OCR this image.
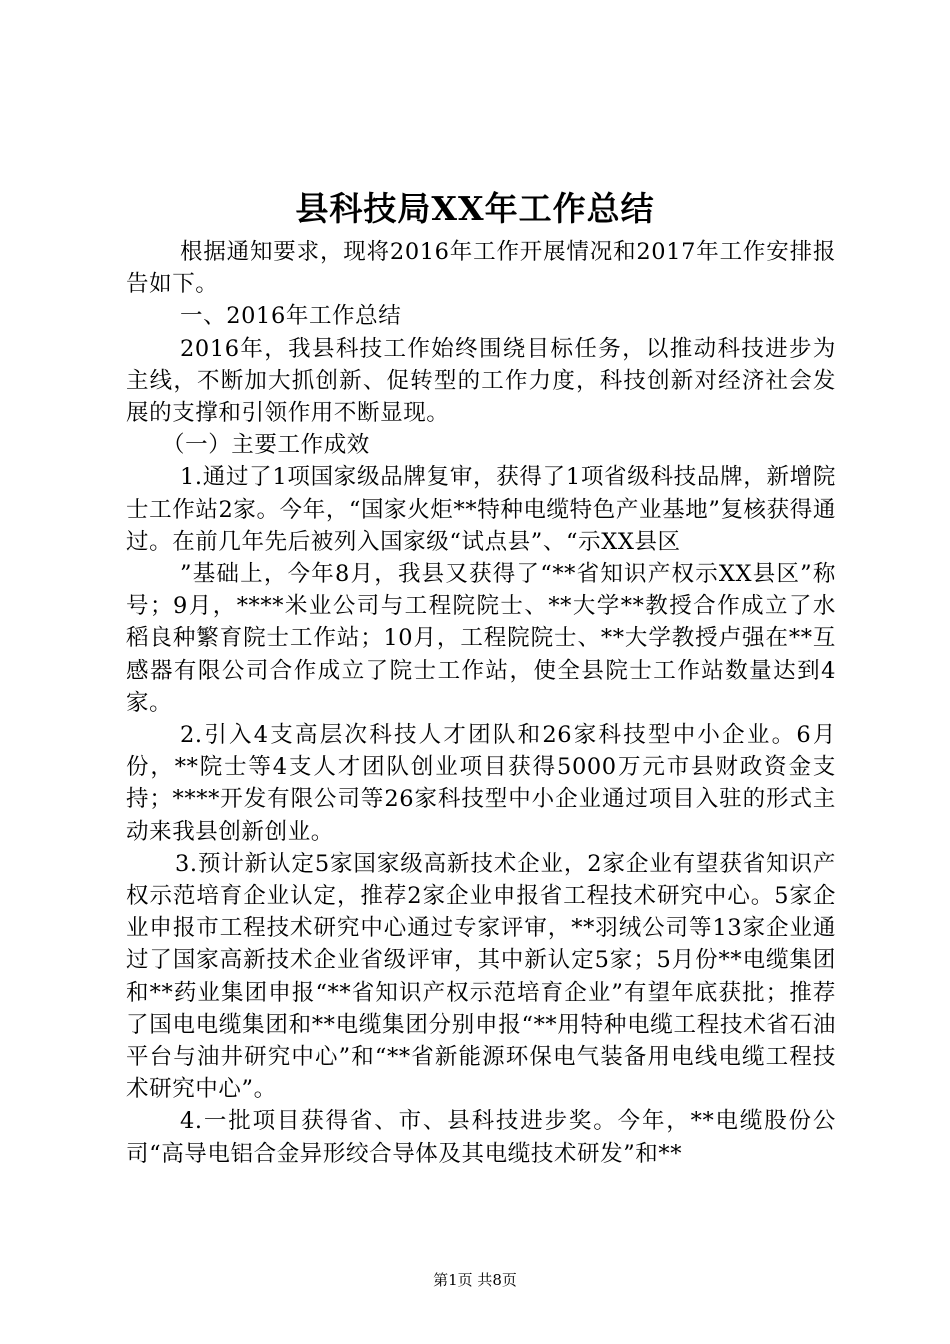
县科技局XX年工作总结

根据通知要求，现将2016年工作开展情况和2017年工作安排报告如下。

一、2016年工作总结

2016年，我县科技工作始终围绕目标任务，以推动科技进步为主线，不断加大抓创新、促转型的工作力度，科技创新对经济社会发展的支撑和引领作用不断显现。

（一）主要工作成效

1.通过了1项国家级品牌复审，获得了1项省级科技品牌，新增院士工作站2家。今年，“国家火炬**特种电缆特色产业基地”复核获得通过。在前几年先后被列入国家级“试点县”、“示XX县区

”基础上，今年8月，我县又获得了“**省知识产权示XX县区”称号；9月，****米业公司与工程院院士、**大学**教授合作成立了水稻良种繁育院士工作站；10月，工程院院士、**大学教授卢强在**互感器有限公司合作成立了院士工作站，使全县院士工作站数量达到4家。

2.引入4支高层次科技人才团队和26家科技型中小企业。6月份，**院士等4支人才团队创业项目获得5000万元市县财政资金支持；****开发有限公司等26家科技型中小企业通过项目入驻的形式主动来我县创新创业。

3.预计新认定5家国家级高新技术企业，2家企业有望获省知识产权示范培育企业认定，推荐2家企业申报省工程技术研究中心。5家企业申报市工程技术研究中心通过专家评审，**羽绒公司等13家企业通过了国家高新技术企业省级评审，其中新认定5家；5月份**电缆集团和**药业集团申报“**省知识产权示范培育企业”有望年底获批；推荐了国电电缆集团和**电缆集团分别申报“**用特种电缆工程技术省石油平台与油井研究中心”和“**省新能源环保电气装备用电线电缆工程技术研究中心”。

4.一批项目获得省、市、县科技进步奖。今年，**电缆股份公司“高导电铝合金异形绞合导体及其电缆技术研发”和**

第1页 共8页
